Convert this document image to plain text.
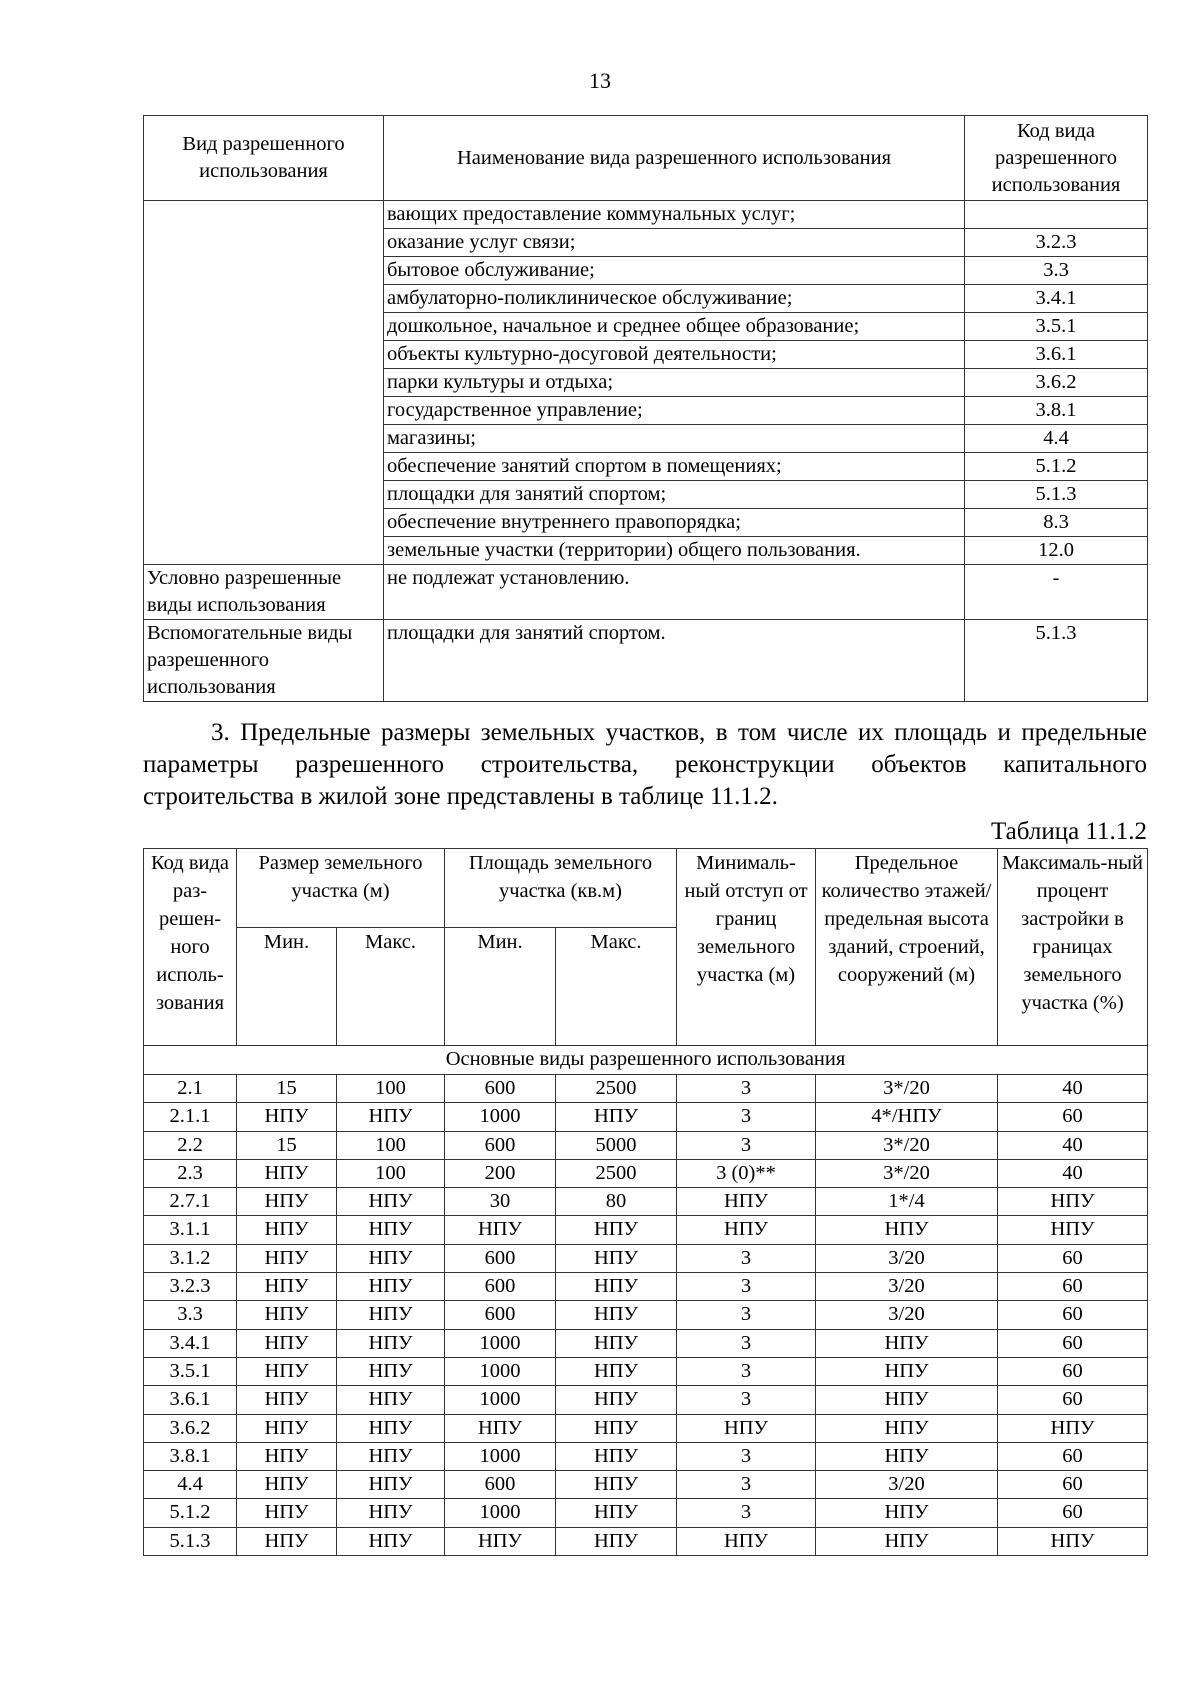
13
Вид разрешенного использования	Наименование вида разрешенного использования	Код вида разрешенного использования
	вающих предоставление коммунальных услуг;	
	оказание услуг связи;	3.2.3
	бытовое обслуживание;	3.3
	амбулаторно-поликлиническое обслуживание;	3.4.1
	дошкольное, начальное и среднее общее образование;	3.5.1
	объекты культурно-досуговой деятельности;	3.6.1
	парки культуры и отдыха;	3.6.2
	государственное управление;	3.8.1
	магазины;	4.4
	обеспечение занятий спортом в помещениях;	5.1.2
	площадки для занятий спортом;	5.1.3
	обеспечение внутреннего правопорядка;	8.3
	земельные участки (территории) общего пользования.	12.0
Условно разрешенные виды использования	не подлежат установлению.	-
Вспомогательные виды разрешенного использования	площадки для занятий спортом.	5.1.3
3. Предельные размеры земельных участков, в том числе их площадь и предельные параметры разрешенного строительства, реконструкции объектов капитального строительства в жилой зоне представлены в таблице 11.1.2.
Таблица 11.1.2
Код вида раз-решен-ного исполь-зования	Размер земельного участка (м)		Площадь земельного участка (кв.м)		Минималь-ный отступ от границ земельного участка (м)	Предельное количество этажей/ предельная высота зданий, строений, сооружений (м)	Максималь-ный процент застройки в границах земельного участка (%)
	Мин.	Макс.	Мин.	Макс.			
Основные виды разрешенного использования							
2.1	15	100	600	2500	3	3*/20	40
2.1.1	НПУ	НПУ	1000	НПУ	3	4*/НПУ	60
2.2	15	100	600	5000	3	3*/20	40
2.3	НПУ	100	200	2500	3 (0)**	3*/20	40
2.7.1	НПУ	НПУ	30	80	НПУ	1*/4	НПУ
3.1.1	НПУ	НПУ	НПУ	НПУ	НПУ	НПУ	НПУ
3.1.2	НПУ	НПУ	600	НПУ	3	3/20	60
3.2.3	НПУ	НПУ	600	НПУ	3	3/20	60
3.3	НПУ	НПУ	600	НПУ	3	3/20	60
3.4.1	НПУ	НПУ	1000	НПУ	3	НПУ	60
3.5.1	НПУ	НПУ	1000	НПУ	3	НПУ	60
3.6.1	НПУ	НПУ	1000	НПУ	3	НПУ	60
3.6.2	НПУ	НПУ	НПУ	НПУ	НПУ	НПУ	НПУ
3.8.1	НПУ	НПУ	1000	НПУ	3	НПУ	60
4.4	НПУ	НПУ	600	НПУ	3	3/20	60
5.1.2	НПУ	НПУ	1000	НПУ	3	НПУ	60
5.1.3	НПУ	НПУ	НПУ	НПУ	НПУ	НПУ	НПУ
